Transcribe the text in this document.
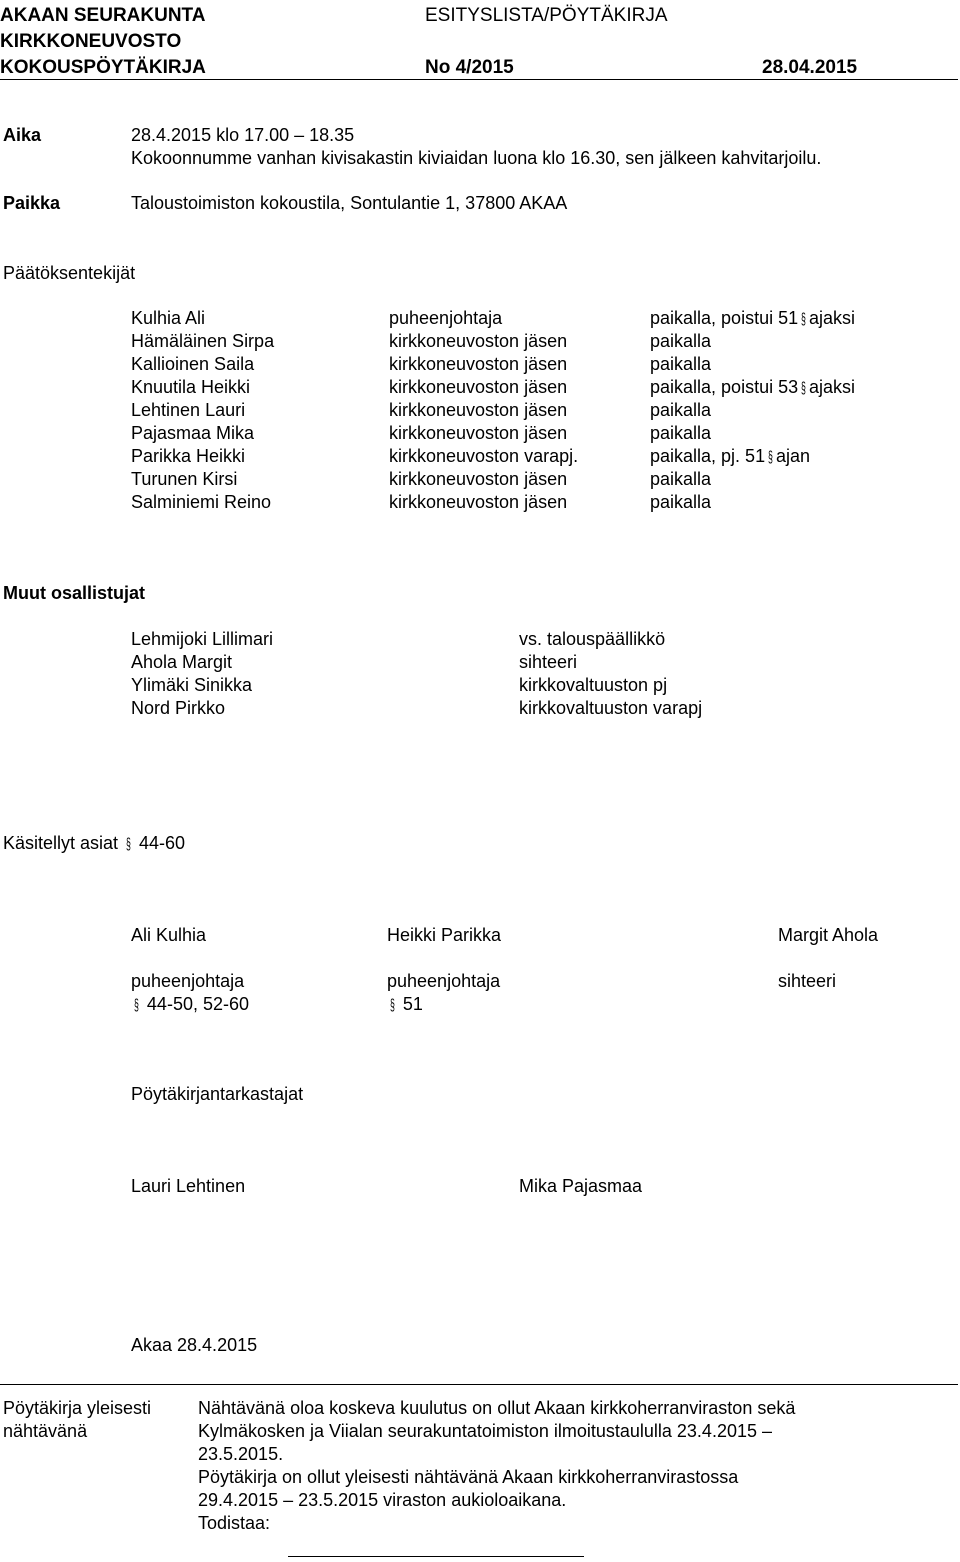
AKAAN SEURAKUNTA	ESITYSLISTA/PÖYTÄKIRJA
KIRKKONEUVOSTO
KOKOUSPÖYTÄKIRJA	No 4/2015	28.04.2015
Aika	28.4.2015 klo 17.00 – 18.35
Kokoonnumme vanhan kivisakastin kiviaidan luona klo 16.30, sen jälkeen kahvitarjoilu.
Paikka	Taloustoimiston kokoustila, Sontulantie 1, 37800 AKAA
Päätöksentekijät
Kulhia Ali	puheenjohtaja	paikalla, poistui 51 § ajaksi
Hämäläinen Sirpa	kirkkoneuvoston jäsen	paikalla
Kallioinen Saila	kirkkoneuvoston jäsen	paikalla
Knuutila Heikki	kirkkoneuvoston jäsen	paikalla, poistui 53 § ajaksi
Lehtinen Lauri	kirkkoneuvoston jäsen	paikalla
Pajasmaa Mika	kirkkoneuvoston jäsen	paikalla
Parikka Heikki	kirkkoneuvoston varapj.	paikalla, pj. 51 § ajan
Turunen Kirsi	kirkkoneuvoston jäsen	paikalla
Salminiemi Reino	kirkkoneuvoston jäsen	paikalla
Muut osallistujat
Lehmijoki Lillimari	vs. talouspäällikkö
Ahola Margit	sihteeri
Ylimäki Sinikka	kirkkovaltuuston pj
Nord Pirkko	kirkkovaltuuston varapj
Käsitellyt asiat § 44-60
Ali Kulhia	Heikki Parikka	Margit Ahola
puheenjohtaja	puheenjohtaja	sihteeri
§ 44-50, 52-60	§ 51
Pöytäkirjantarkastajat
Lauri Lehtinen	Mika Pajasmaa
Akaa 28.4.2015
Pöytäkirja yleisesti
nähtävänä
Nähtävänä oloa koskeva kuulutus on ollut Akaan kirkkoherranviraston sekä
Kylmäkosken ja Viialan seurakuntatoimiston ilmoitustaululla 23.4.2015 –
23.5.2015.
Pöytäkirja on ollut yleisesti nähtävänä Akaan kirkkoherranvirastossa
29.4.2015 – 23.5.2015 viraston aukioloaikana.
Todistaa:
